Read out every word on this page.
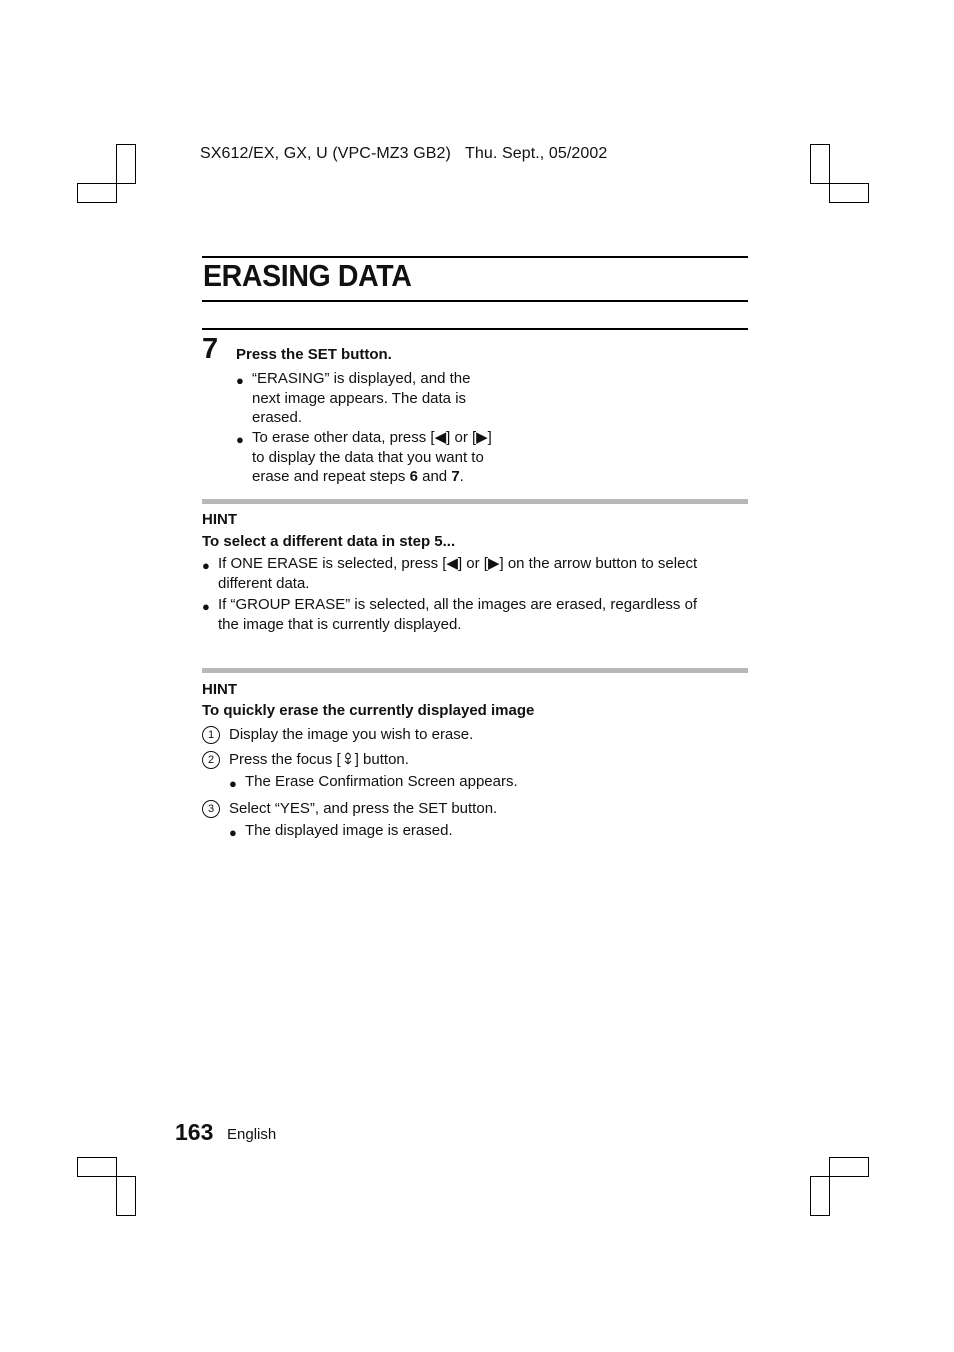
SX612/EX, GX, U (VPC-MZ3 GB2) Thu. Sept., 05/2002
ERASING DATA
7 Press the SET button.
● “ERASING” is displayed, and the
next image appears. The data is
erased.
● To erase other data, press [◀] or [▶]
to display the data that you want to
erase and repeat steps 6 and 7.
HINT
To select a different data in step 5...
● If ONE ERASE is selected, press [◀] or [▶] on the arrow button to select
different data.
● If “GROUP ERASE” is selected, all the images are erased, regardless of
the image that is currently displayed.
HINT
To quickly erase the currently displayed image
1 Display the image you wish to erase.
2 Press the focus [ ] button.
● The Erase Confirmation Screen appears.
3 Select “YES”, and press the SET button.
● The displayed image is erased.
163 English
